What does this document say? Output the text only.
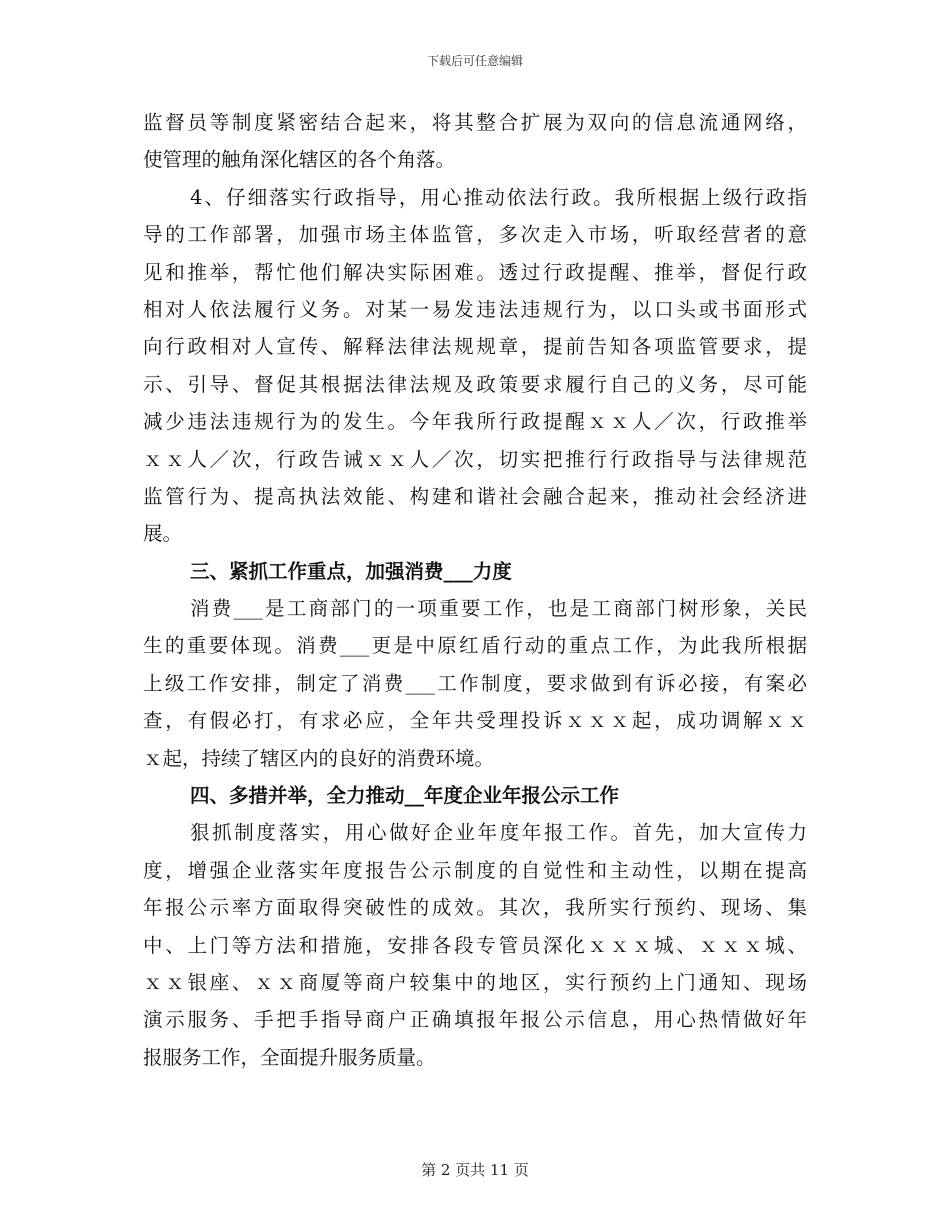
下载后可任意编辑
监督员等制度紧密结合起来，将其整合扩展为双向的信息流通网络，
使管理的触角深化辖区的各个角落。
4、仔细落实行政指导，用心推动依法行政。我所根据上级行政指
导的工作部署，加强市场主体监管，多次走入市场，听取经营者的意
见和推举，帮忙他们解决实际困难。透过行政提醒、推举，督促行政
相对人依法履行义务。对某一易发违法违规行为，以口头或书面形式
向行政相对人宣传、解释法律法规规章，提前告知各项监管要求，提
示、引导、督促其根据法律法规及政策要求履行自己的义务，尽可能
减少违法违规行为的发生。今年我所行政提醒ｘｘ人／次，行政推举
ｘｘ人／次，行政告诫ｘｘ人／次，切实把推行行政指导与法律规范
监管行为、提高执法效能、构建和谐社会融合起来，推动社会经济进
展。
三、紧抓工作重点，加强消费___力度
消费___是工商部门的一项重要工作，也是工商部门树形象，关民
生的重要体现。消费___更是中原红盾行动的重点工作，为此我所根据
上级工作安排，制定了消费___工作制度，要求做到有诉必接，有案必
查，有假必打，有求必应，全年共受理投诉ｘｘｘ起，成功调解ｘｘ
ｘ起，持续了辖区内的良好的消费环境。
四、多措并举，全力推动__年度企业年报公示工作
狠抓制度落实，用心做好企业年度年报工作。首先，加大宣传力
度，增强企业落实年度报告公示制度的自觉性和主动性，以期在提高
年报公示率方面取得突破性的成效。其次，我所实行预约、现场、集
中、上门等方法和措施，安排各段专管员深化ｘｘｘ城、ｘｘｘ城、
ｘｘ银座、ｘｘ商厦等商户较集中的地区，实行预约上门通知、现场
演示服务、手把手指导商户正确填报年报公示信息，用心热情做好年
报服务工作，全面提升服务质量。
第 2 页共 11 页
